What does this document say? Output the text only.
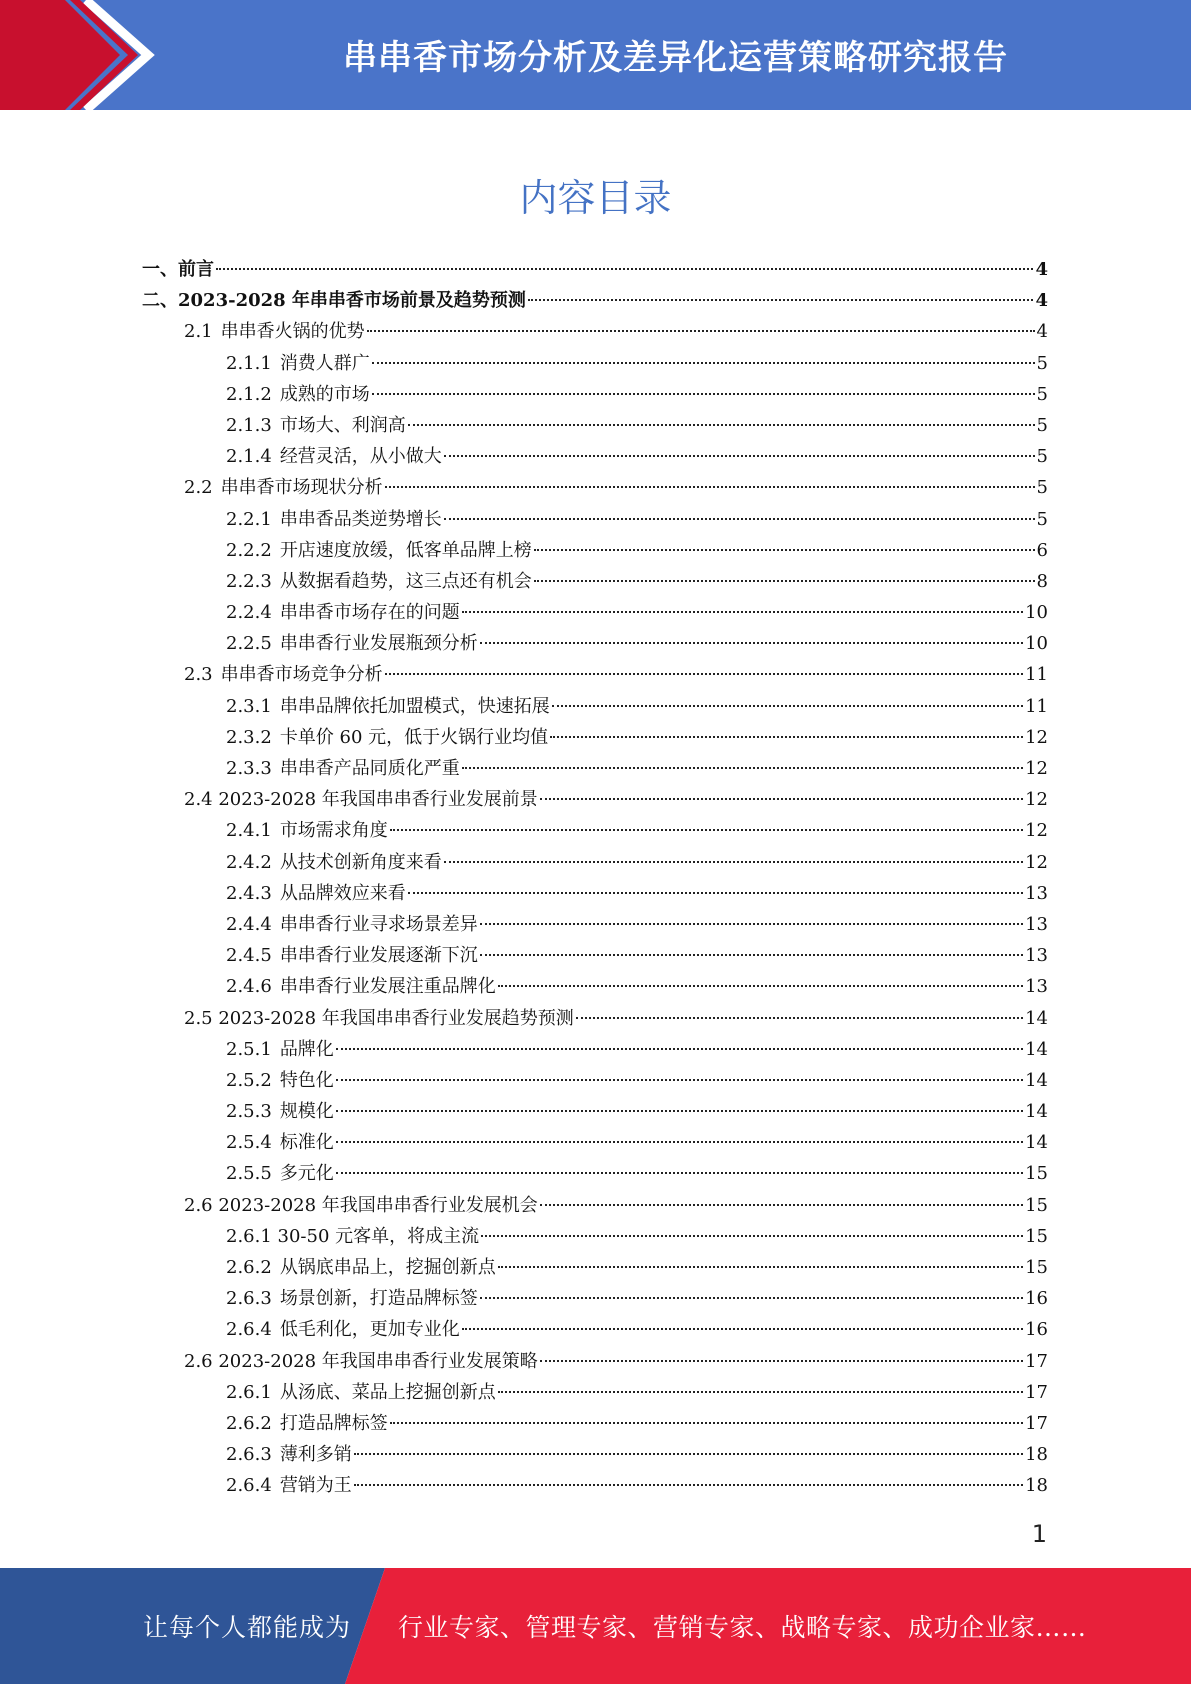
串串香市场分析及差异化运营策略研究报告
内容目录
一、前言	4
二、2023-2028 年串串香市场前景及趋势预测	4
2.1 串串香火锅的优势	4
2.1.1 消费人群广	5
2.1.2 成熟的市场	5
2.1.3 市场大、利润高	5
2.1.4 经营灵活，从小做大	5
2.2 串串香市场现状分析	5
2.2.1 串串香品类逆势增长	5
2.2.2 开店速度放缓，低客单品牌上榜	6
2.2.3 从数据看趋势，这三点还有机会	8
2.2.4 串串香市场存在的问题	10
2.2.5 串串香行业发展瓶颈分析	10
2.3 串串香市场竞争分析	11
2.3.1 串串品牌依托加盟模式，快速拓展	11
2.3.2 卡单价 60 元，低于火锅行业均值	12
2.3.3 串串香产品同质化严重	12
2.4 2023-2028 年我国串串香行业发展前景	12
2.4.1 市场需求角度	12
2.4.2 从技术创新角度来看	12
2.4.3 从品牌效应来看	13
2.4.4 串串香行业寻求场景差异	13
2.4.5 串串香行业发展逐渐下沉	13
2.4.6 串串香行业发展注重品牌化	13
2.5 2023-2028 年我国串串香行业发展趋势预测	14
2.5.1 品牌化	14
2.5.2 特色化	14
2.5.3 规模化	14
2.5.4 标准化	14
2.5.5 多元化	15
2.6 2023-2028 年我国串串香行业发展机会	15
2.6.1 30-50 元客单，将成主流	15
2.6.2 从锅底串品上，挖掘创新点	15
2.6.3 场景创新，打造品牌标签	16
2.6.4 低毛利化，更加专业化	16
2.6 2023-2028 年我国串串香行业发展策略	17
2.6.1 从汤底、菜品上挖掘创新点	17
2.6.2 打造品牌标签	17
2.6.3 薄利多销	18
2.6.4 营销为王	18
1
让每个人都能成为 行业专家、管理专家、营销专家、战略专家、成功企业家……
